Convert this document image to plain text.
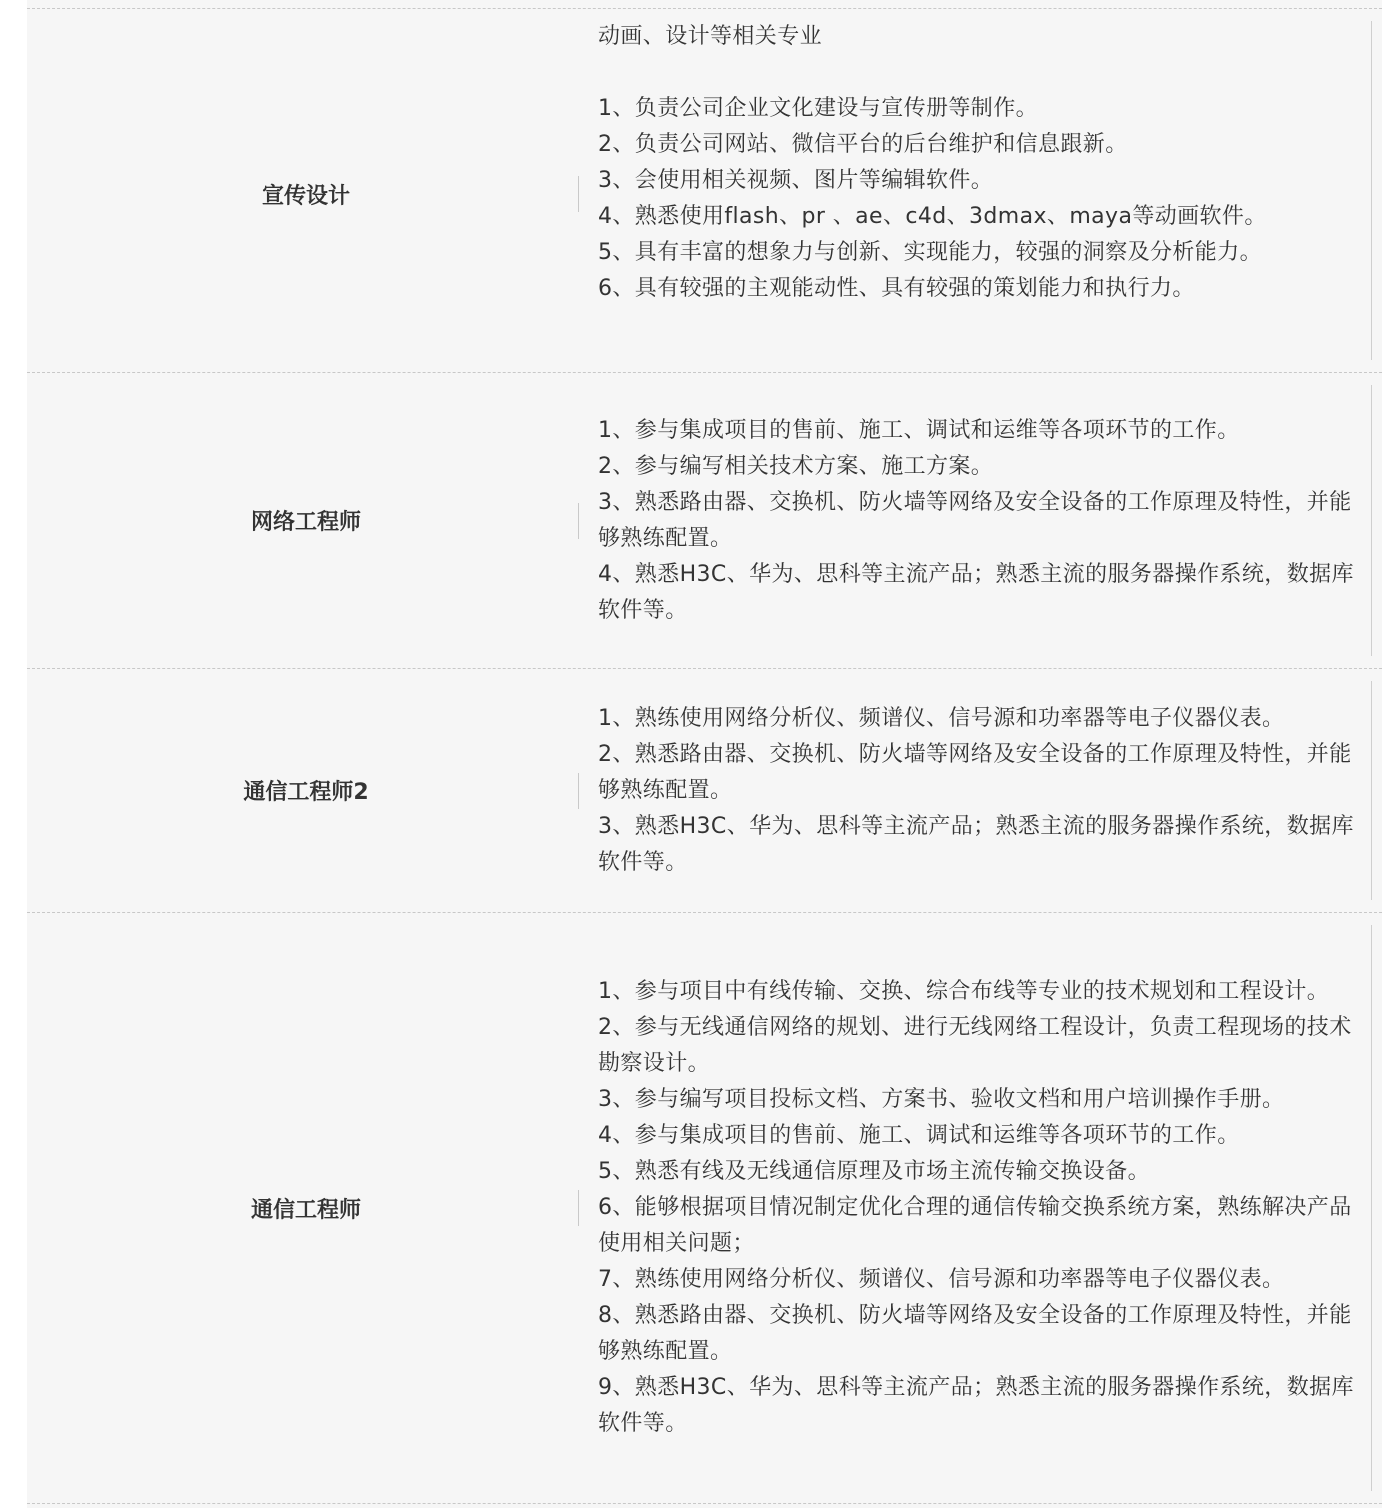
宣传设计
动画、设计等相关专业
1、负责公司企业文化建设与宣传册等制作。
2、负责公司网站、微信平台的后台维护和信息跟新。
3、会使用相关视频、图片等编辑软件。
4、熟悉使用flash、pr 、ae、c4d、3dmax、maya等动画软件。
5、具有丰富的想象力与创新、实现能力，较强的洞察及分析能力。
6、具有较强的主观能动性、具有较强的策划能力和执行力。
网络工程师
1、参与集成项目的售前、施工、调试和运维等各项环节的工作。
2、参与编写相关技术方案、施工方案。
3、熟悉路由器、交换机、防火墙等网络及安全设备的工作原理及特性，并能够熟练配置。
4、熟悉H3C、华为、思科等主流产品；熟悉主流的服务器操作系统，数据库软件等。
通信工程师2
1、熟练使用网络分析仪、频谱仪、信号源和功率器等电子仪器仪表。
2、熟悉路由器、交换机、防火墙等网络及安全设备的工作原理及特性，并能够熟练配置。
3、熟悉H3C、华为、思科等主流产品；熟悉主流的服务器操作系统，数据库软件等。
通信工程师
1、参与项目中有线传输、交换、综合布线等专业的技术规划和工程设计。
2、参与无线通信网络的规划、进行无线网络工程设计，负责工程现场的技术勘察设计。
3、参与编写项目投标文档、方案书、验收文档和用户培训操作手册。
4、参与集成项目的售前、施工、调试和运维等各项环节的工作。
5、熟悉有线及无线通信原理及市场主流传输交换设备。
6、能够根据项目情况制定优化合理的通信传输交换系统方案，熟练解决产品使用相关问题；
7、熟练使用网络分析仪、频谱仪、信号源和功率器等电子仪器仪表。
8、熟悉路由器、交换机、防火墙等网络及安全设备的工作原理及特性，并能够熟练配置。
9、熟悉H3C、华为、思科等主流产品；熟悉主流的服务器操作系统，数据库软件等。
